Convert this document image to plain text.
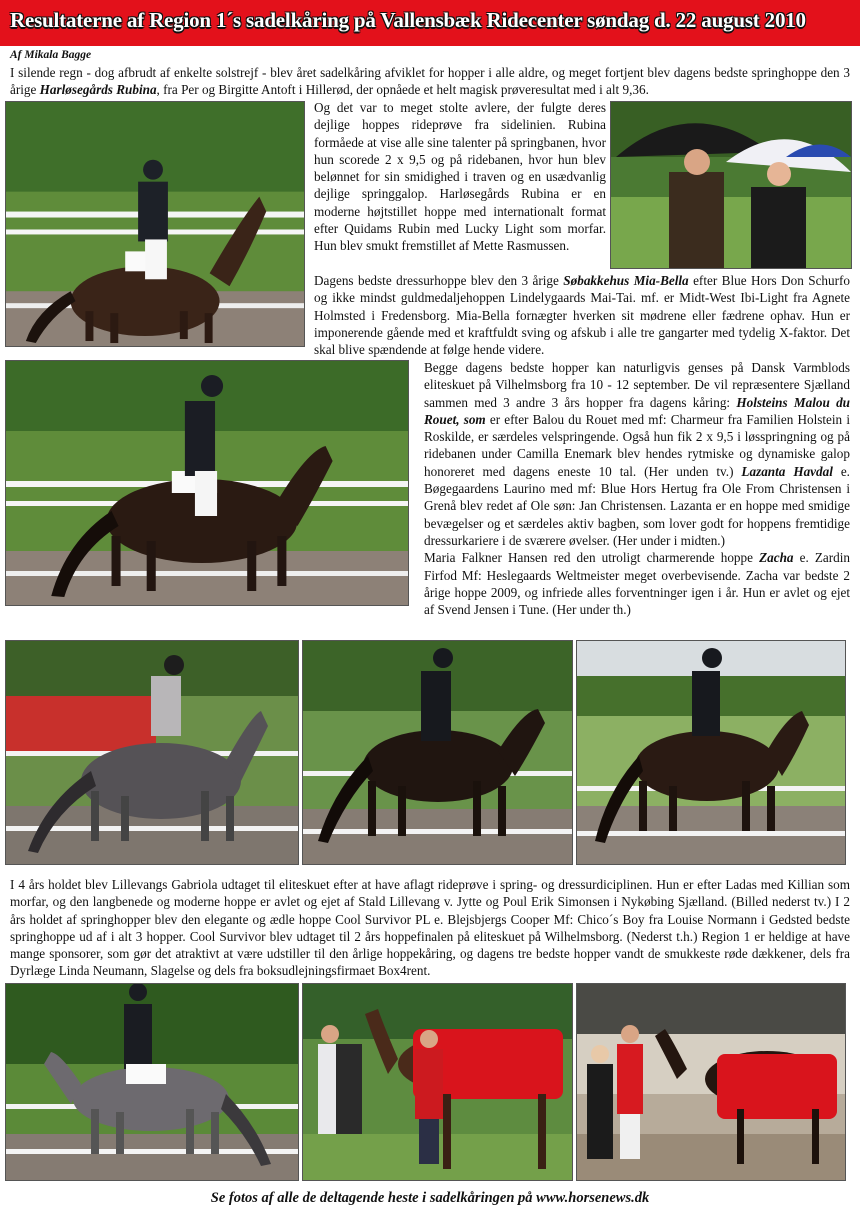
Resultaterne af Region 1´s sadelkåring på Vallensbæk Ridecenter søndag d. 22 august 2010
Af Mikala Bagge
I silende regn - dog afbrudt af enkelte solstrejf - blev året sadelkåring afviklet for hopper i alle aldre, og meget fortjent blev dagens bedste springhoppe den 3 årige Harløsegårds Rubina, fra Per og Birgitte Antoft i Hillerød, der opnåede et helt magisk prøveresultat med i alt 9,36.
Og det var to meget stolte avlere, der fulgte deres dejlige hoppes rideprøve fra sidelinien. Rubina formåede at vise alle sine talenter på springbanen, hvor hun scorede 2 x 9,5 og på ridebanen, hvor hun blev belønnet for sin smidighed i traven og en usædvanlig dejlige springgalop. Harløsegårds Rubina er en moderne højtstillet hoppe med internationalt format efter Quidams Rubin med Lucky Light som morfar. Hun blev smukt fremstillet af Mette Rasmussen.
Dagens bedste dressurhoppe blev den 3 årige Søbakkehus Mia-Bella efter Blue Hors Don Schurfo og ikke mindst guldmedaljehoppen Lindelygaards Mai-Tai. mf. er Midt-West Ibi-Light fra Agnete Holmsted i Fredensborg. Mia-Bella fornægter hverken sit mødrene eller fædrene ophav. Hun er imponerende gående med et kraftfuldt sving og afskub i alle tre gangarter med tydelig X-faktor. Det skal blive spændende at følge hende videre.
Begge dagens bedste hopper kan naturligvis genses på Dansk Varmblods eliteskuet på Vilhelmsborg fra 10 - 12 september. De vil repræsentere Sjælland sammen med 3 andre 3 års hopper fra dagens kåring: Holsteins Malou du Rouet, som er efter Balou du Rouet med mf: Charmeur fra Familien Holstein i Roskilde, er særdeles velspringende. Også hun fik 2 x 9,5 i løsspringning og på ridebanen under Camilla Enemark blev hendes rytmiske og dynamiske galop honoreret med dagens eneste 10 tal. (Her unden tv.) Lazanta Havdal e. Bøgegaardens Laurino med mf: Blue Hors Hertug fra Ole From Christensen i Grenå blev redet af Ole søn: Jan Christensen. Lazanta er en hoppe med smidige bevægelser og et særdeles aktiv bagben, som lover godt for hoppens fremtidige dressurkariere i de sværere øvelser. (Her under i midten.)
Maria Falkner Hansen red den utroligt charmerende hoppe Zacha e. Zardin Firfod Mf: Heslegaards Weltmeister meget overbevisende. Zacha var bedste 2 årige hoppe 2009, og infriede alles forventninger igen i år. Hun er avlet og ejet af Svend Jensen i Tune. (Her under th.)
I 4 års holdet blev Lillevangs Gabriola udtaget til eliteskuet efter at have aflagt rideprøve i spring- og dressurdiciplinen. Hun er efter Ladas med Killian som morfar, og den langbenede og moderne hoppe er avlet og ejet af Stald Lillevang v. Jytte og Poul Erik Simonsen i Nykøbing Sjælland. (Billed nederst tv.) I 2 års holdet af springhopper blev den elegante og ædle hoppe Cool Survivor PL e. Blejsbjergs Cooper Mf: Chico´s Boy fra Louise Normann i Gedsted bedste springhoppe ud af i alt 3 hopper. Cool Survivor blev udtaget til 2 års hoppefinalen på eliteskuet på Wilhelmsborg. (Nederst t.h.) Region 1 er heldige at have mange sponsorer, som gør det atraktivt at være udstiller til den årlige hoppekåring, og dagens tre bedste hopper vandt de smukkeste røde dækkener, dels fra Dyrlæge Linda Neumann, Slagelse og dels fra boksudlejningsfirmaet Box4rent.
Se fotos af alle de deltagende heste i sadelkåringen på www.horsenews.dk
